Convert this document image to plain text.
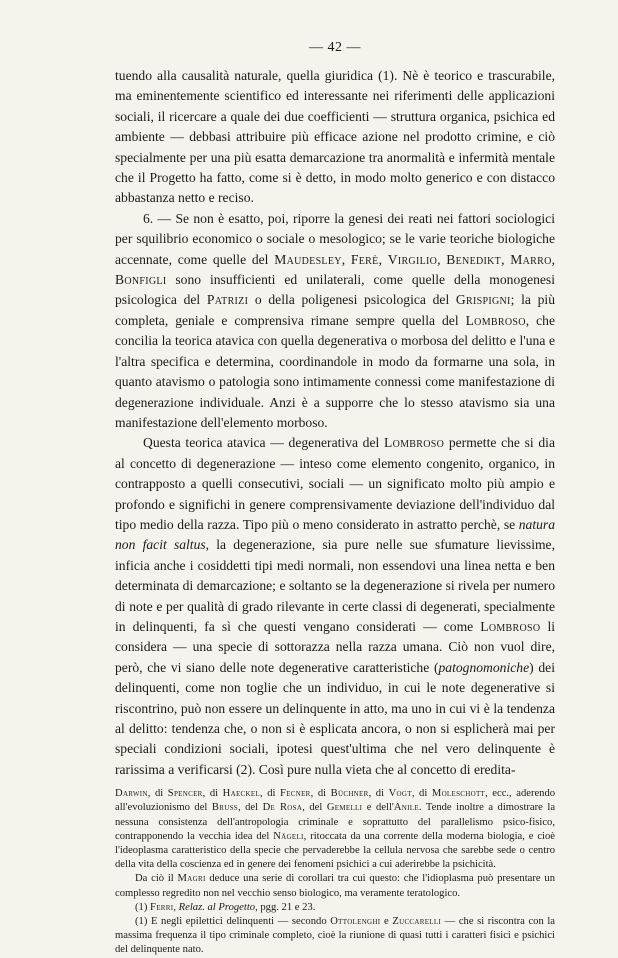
— 42 —

tuendo alla causalità naturale, quella giuridica (1). Nè è teorico e trascurabile, ma eminentemente scientifico ed interessante nei riferimenti delle applicazioni sociali, il ricercare a quale dei due coefficienti — struttura organica, psichica ed ambiente — debbasi attribuire più efficace azione nel prodotto crimine, e ciò specialmente per una più esatta demarcazione tra anormalità e infermità mentale che il Progetto ha fatto, come si è detto, in modo molto generico e con distacco abbastanza netto e reciso.

6. — Se non è esatto, poi, riporre la genesi dei reati nei fattori sociologici per squilibrio economico o sociale o mesologico; se le varie teoriche biologiche accennate, come quelle del Maudesley, Ferè, Virgilio, Benedikt, Marro, Bonfigli sono insufficienti ed unilaterali, come quelle della monogenesi psicologica del Patrizi o della poligenesi psicologica del Grispigni; la più completa, geniale e comprensiva rimane sempre quella del Lombroso, che concilia la teorica atavica con quella degenerativa o morbosa del delitto e l'una e l'altra specifica e determina, coordinandole in modo da formarne una sola, in quanto atavismo o patologia sono intimamente connessi come manifestazione di degenerazione individuale. Anzi è a supporre che lo stesso atavismo sia una manifestazione dell'elemento morboso.

Questa teorica atavica — degenerativa del Lombroso permette che si dia al concetto di degenerazione — inteso come elemento congenito, organico, in contrapposto a quelli consecutivi, sociali — un significato molto più ampio e profondo e significhi in genere comprensivamente deviazione dell'individuo dal tipo medio della razza. Tipo più o meno considerato in astratto perchè, se natura non facit saltus, la degenerazione, sia pure nelle sue sfumature lievissime, inficia anche i cosiddetti tipi medi normali, non essendovi una linea netta e ben determinata di demarcazione; e soltanto se la degenerazione si rivela per numero di note e per qualità di grado rilevante in certe classi di degenerati, specialmente in delinquenti, fa sì che questi vengano considerati — come Lombroso li considera — una specie di sottorazza nella razza umana. Ciò non vuol dire, però, che vi siano delle note degenerative caratteristiche (patognomoniche) dei delinquenti, come non toglie che un individuo, in cui le note degenerative si riscontrino, può non essere un delinquente in atto, ma uno in cui vi è la tendenza al delitto: tendenza che, o non si è esplicata ancora, o non si esplicherà mai per speciali condizioni sociali, ipotesi quest'ultima che nel vero delinquente è rarissima a verificarsi (2). Così pure nulla vieta che al concetto di eredita-

Darwin, di Spencer, di Haeckel, di Fecner, di Büchner, di Vogt, di Moleschott, ecc., aderendo all'evoluzionismo del Bruss, del De Rosa, del Gemelli e dell'Anile. Tende inoltre a dimostrare la nessuna consistenza dell'antropologia criminale e soprattutto del parallelismo psico-fisico, contrapponendo la vecchia idea del Nägeli, ritoccata da una corrente della moderna biologia, e cioè l'ideoplasma caratteristico della specie che pervaderebbe la cellula nervosa che sarebbe sede o centro della vita della coscienza ed in genere dei fenomeni psichici a cui aderirebbe la psichicità.

Da ciò il Magri deduce una serie di corollari tra cui questo: che l'idioplasma può presentare un complesso regredito non nel vecchio senso biologico, ma veramente teratologico.

(1) Ferri, Relaz. al Progetto, pgg. 21 e 23.

(1) E negli epilettici delinquenti — secondo Ottolenghi e Zuccarelli — che si riscontra con la massima frequenza il tipo criminale completo, cioè la riunione di quasi tutti i caratteri fisici e psichici del delinquente nato.
